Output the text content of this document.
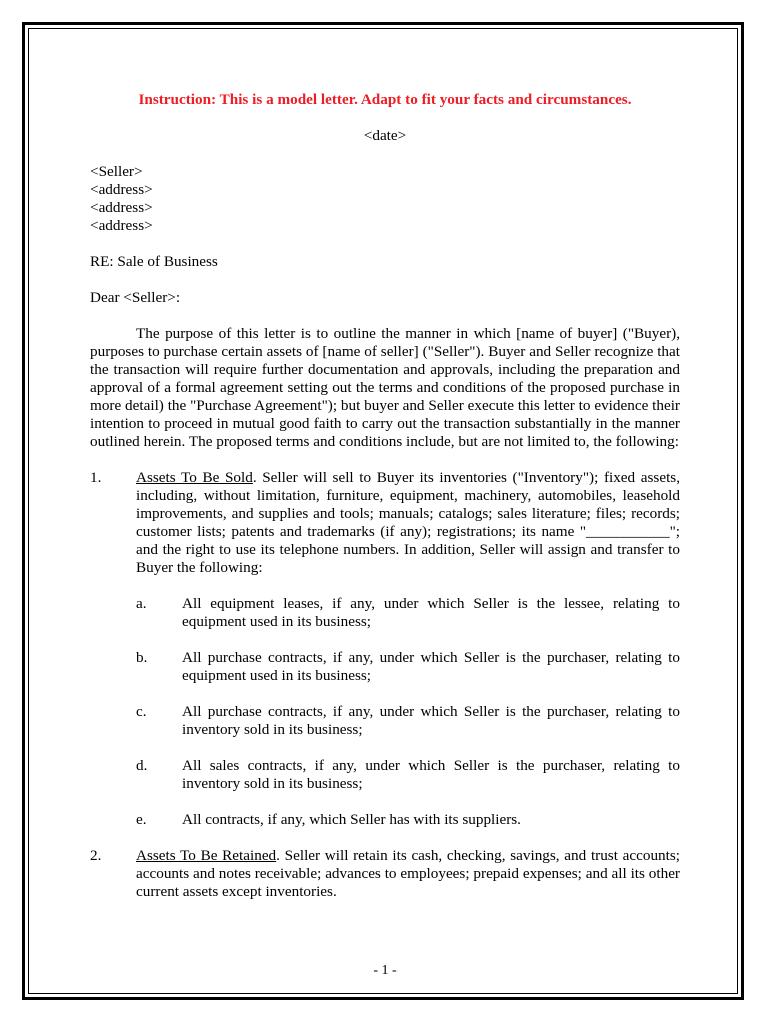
Instruction: This is a model letter. Adapt to fit your facts and circumstances.

<date>

<Seller>
<address>
<address>
<address>
RE: Sale of Business
Dear <Seller>:
The purpose of this letter is to outline the manner in which [name of buyer] ("Buyer), purposes to purchase certain assets of [name of seller] ("Seller"). Buyer and Seller recognize that the transaction will require further documentation and approvals, including the preparation and approval of a formal agreement setting out the terms and conditions of the proposed purchase in more detail) the "Purchase Agreement"); but buyer and Seller execute this letter to evidence their intention to proceed in mutual good faith to carry out the transaction substantially in the manner outlined herein. The proposed terms and conditions include, but are not limited to, the following:
1. Assets To Be Sold. Seller will sell to Buyer its inventories ("Inventory"); fixed assets, including, without limitation, furniture, equipment, machinery, automobiles, leasehold improvements, and supplies and tools; manuals; catalogs; sales literature; files; records; customer lists; patents and trademarks (if any); registrations; its name "___________"; and the right to use its telephone numbers. In addition, Seller will assign and transfer to Buyer the following:
a. All equipment leases, if any, under which Seller is the lessee, relating to equipment used in its business;
b. All purchase contracts, if any, under which Seller is the purchaser, relating to equipment used in its business;
c. All purchase contracts, if any, under which Seller is the purchaser, relating to inventory sold in its business;
d. All sales contracts, if any, under which Seller is the purchaser, relating to inventory sold in its business;
e. All contracts, if any, which Seller has with its suppliers.
2. Assets To Be Retained. Seller will retain its cash, checking, savings, and trust accounts; accounts and notes receivable; advances to employees; prepaid expenses; and all its other current assets except inventories.
- 1 -
